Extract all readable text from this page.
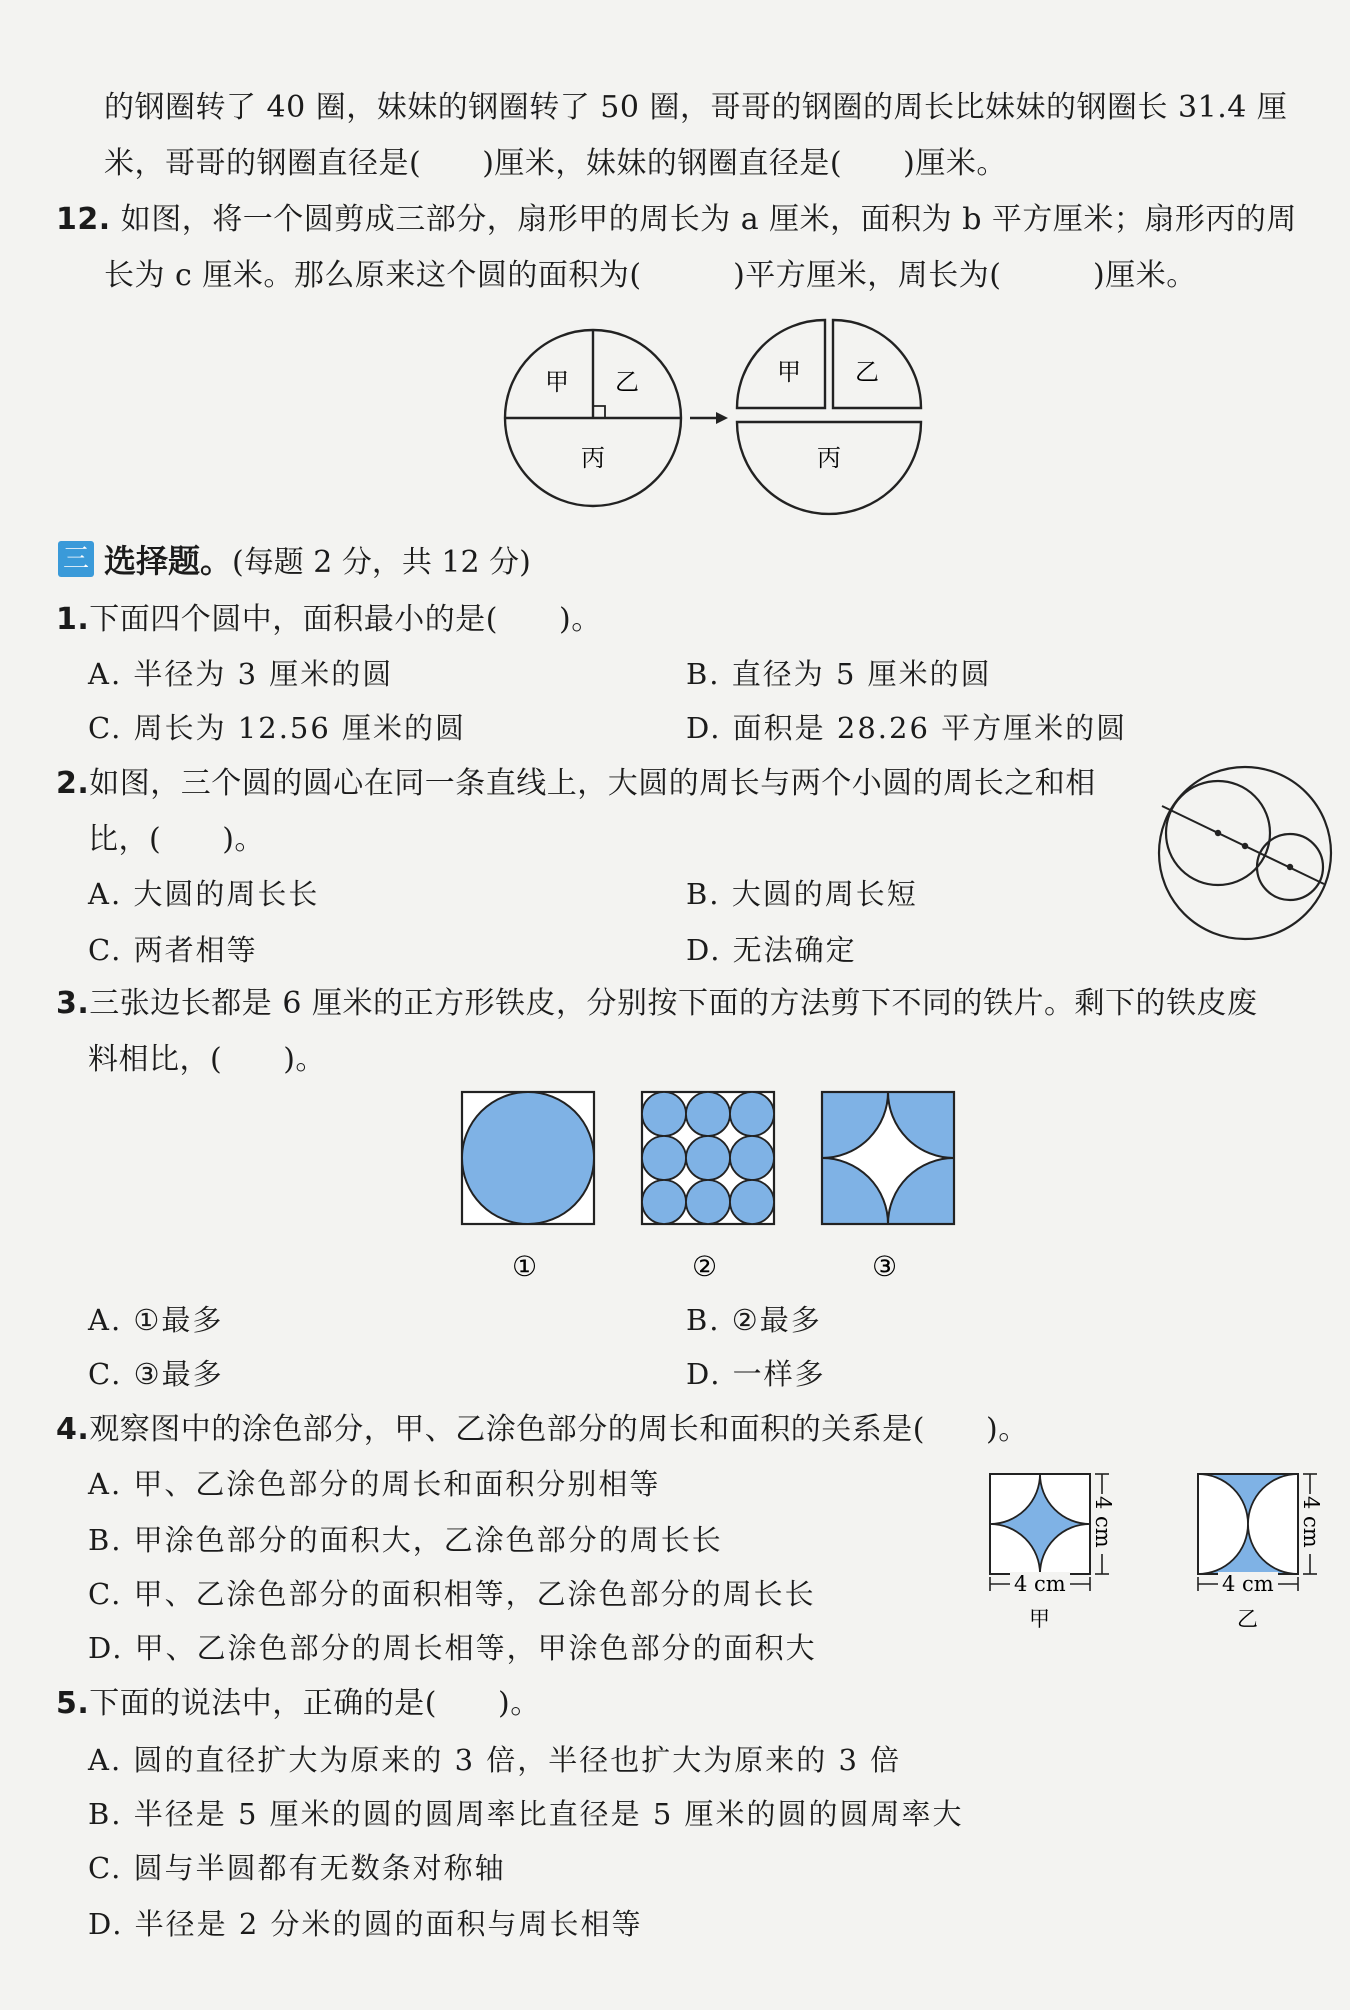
的钢圈转了 40 圈，妹妹的钢圈转了 50 圈，哥哥的钢圈的周长比妹妹的钢圈长 31.4 厘
米，哥哥的钢圈直径是(　　)厘米，妹妹的钢圈直径是(　　)厘米。
12. 如图，将一个圆剪成三部分，扇形甲的周长为 a 厘米，面积为 b 平方厘米；扇形丙的周
长为 c 厘米。那么原来这个圆的面积为(　　　)平方厘米，周长为(　　　)厘米。
甲 乙
丙
甲 乙
丙
三 选择题。(每题 2 分，共 12 分)
1.下面四个圆中，面积最小的是(　　)。
A. 半径为 3 厘米的圆	B. 直径为 5 厘米的圆
C. 周长为 12.56 厘米的圆	D. 面积是 28.26 平方厘米的圆
2.如图，三个圆的圆心在同一条直线上，大圆的周长与两个小圆的周长之和相
比，(　　)。
A. 大圆的周长长	B. 大圆的周长短
C. 两者相等	D. 无法确定
3.三张边长都是 6 厘米的正方形铁皮，分别按下面的方法剪下不同的铁片。剩下的铁皮废
料相比，(　　)。
①	②	③
A. ①最多	B. ②最多
C. ③最多	D. 一样多
4.观察图中的涂色部分，甲、乙涂色部分的周长和面积的关系是(　　)。
A. 甲、乙涂色部分的周长和面积分别相等
B. 甲涂色部分的面积大，乙涂色部分的周长长
C. 甲、乙涂色部分的面积相等，乙涂色部分的周长长
D. 甲、乙涂色部分的周长相等，甲涂色部分的面积大
4 cm
4 cm
甲
4 cm
4 cm
乙
5.下面的说法中，正确的是(　　)。
A. 圆的直径扩大为原来的 3 倍，半径也扩大为原来的 3 倍
B. 半径是 5 厘米的圆的圆周率比直径是 5 厘米的圆的圆周率大
C. 圆与半圆都有无数条对称轴
D. 半径是 2 分米的圆的面积与周长相等
